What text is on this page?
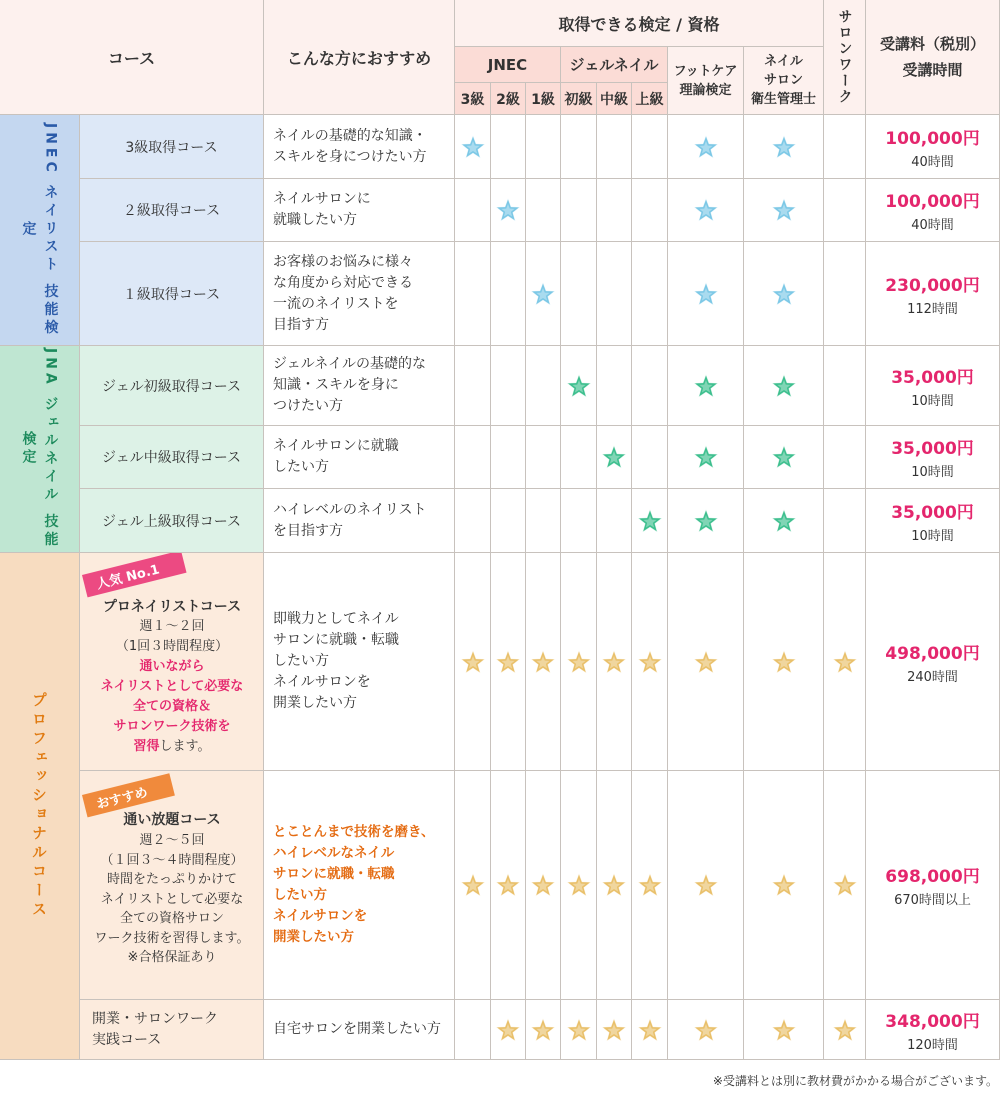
コース	こんな方におすすめ
取得できる検定 / 資格
JNEC	ジェルネイル
3級 2級 1級 初級 中級 上級
フットケア
理論検定
ネイル
サロン
衛生管理士 サロンワーク 受講料（税別）
受講時間
JNEC ネイリスト 技能検定
JNA ジェルネイル 技能検定
プロフェッショナルコース
3級取得コース
ネイルの基礎的な知識・
スキルを身につけたい方
２級取得コース
ネイルサロンに
就職したい方
１級取得コース
お客様のお悩みに様々
な角度から対応できる
一流のネイリストを
目指す方
ジェル初級取得コース
ジェルネイルの基礎的な
知識・スキルを身に
つけたい方
ジェル中級取得コース
ネイルサロンに就職
したい方
ジェル上級取得コース
ハイレベルのネイリスト
を目指す方
人気 No.1
プロネイリストコース
週１～２回
（1回３時間程度）
通いながら
ネイリストとして必要な
全ての資格＆
サロンワーク技術を
習得します。
即戦力としてネイル
サロンに就職・転職
したい方
ネイルサロンを
開業したい方
おすすめ
通い放題コース
週２～５回
（１回３～４時間程度）
時間をたっぷりかけて
ネイリストとして必要な
全ての資格サロン
ワーク技術を習得します。
※合格保証あり
とことんまで技術を磨き、
ハイレベルなネイル
サロンに就職・転職
したい方
ネイルサロンを
開業したい方
開業・サロンワーク
実践コース
自宅サロンを開業したい方
※受講料とは別に教材費がかかる場合がございます。
100,000円
40時間
100,000円
40時間
230,000円
112時間
35,000円
10時間
35,000円
10時間
35,000円
10時間
498,000円
240時間
698,000円
670時間以上
348,000円
120時間
